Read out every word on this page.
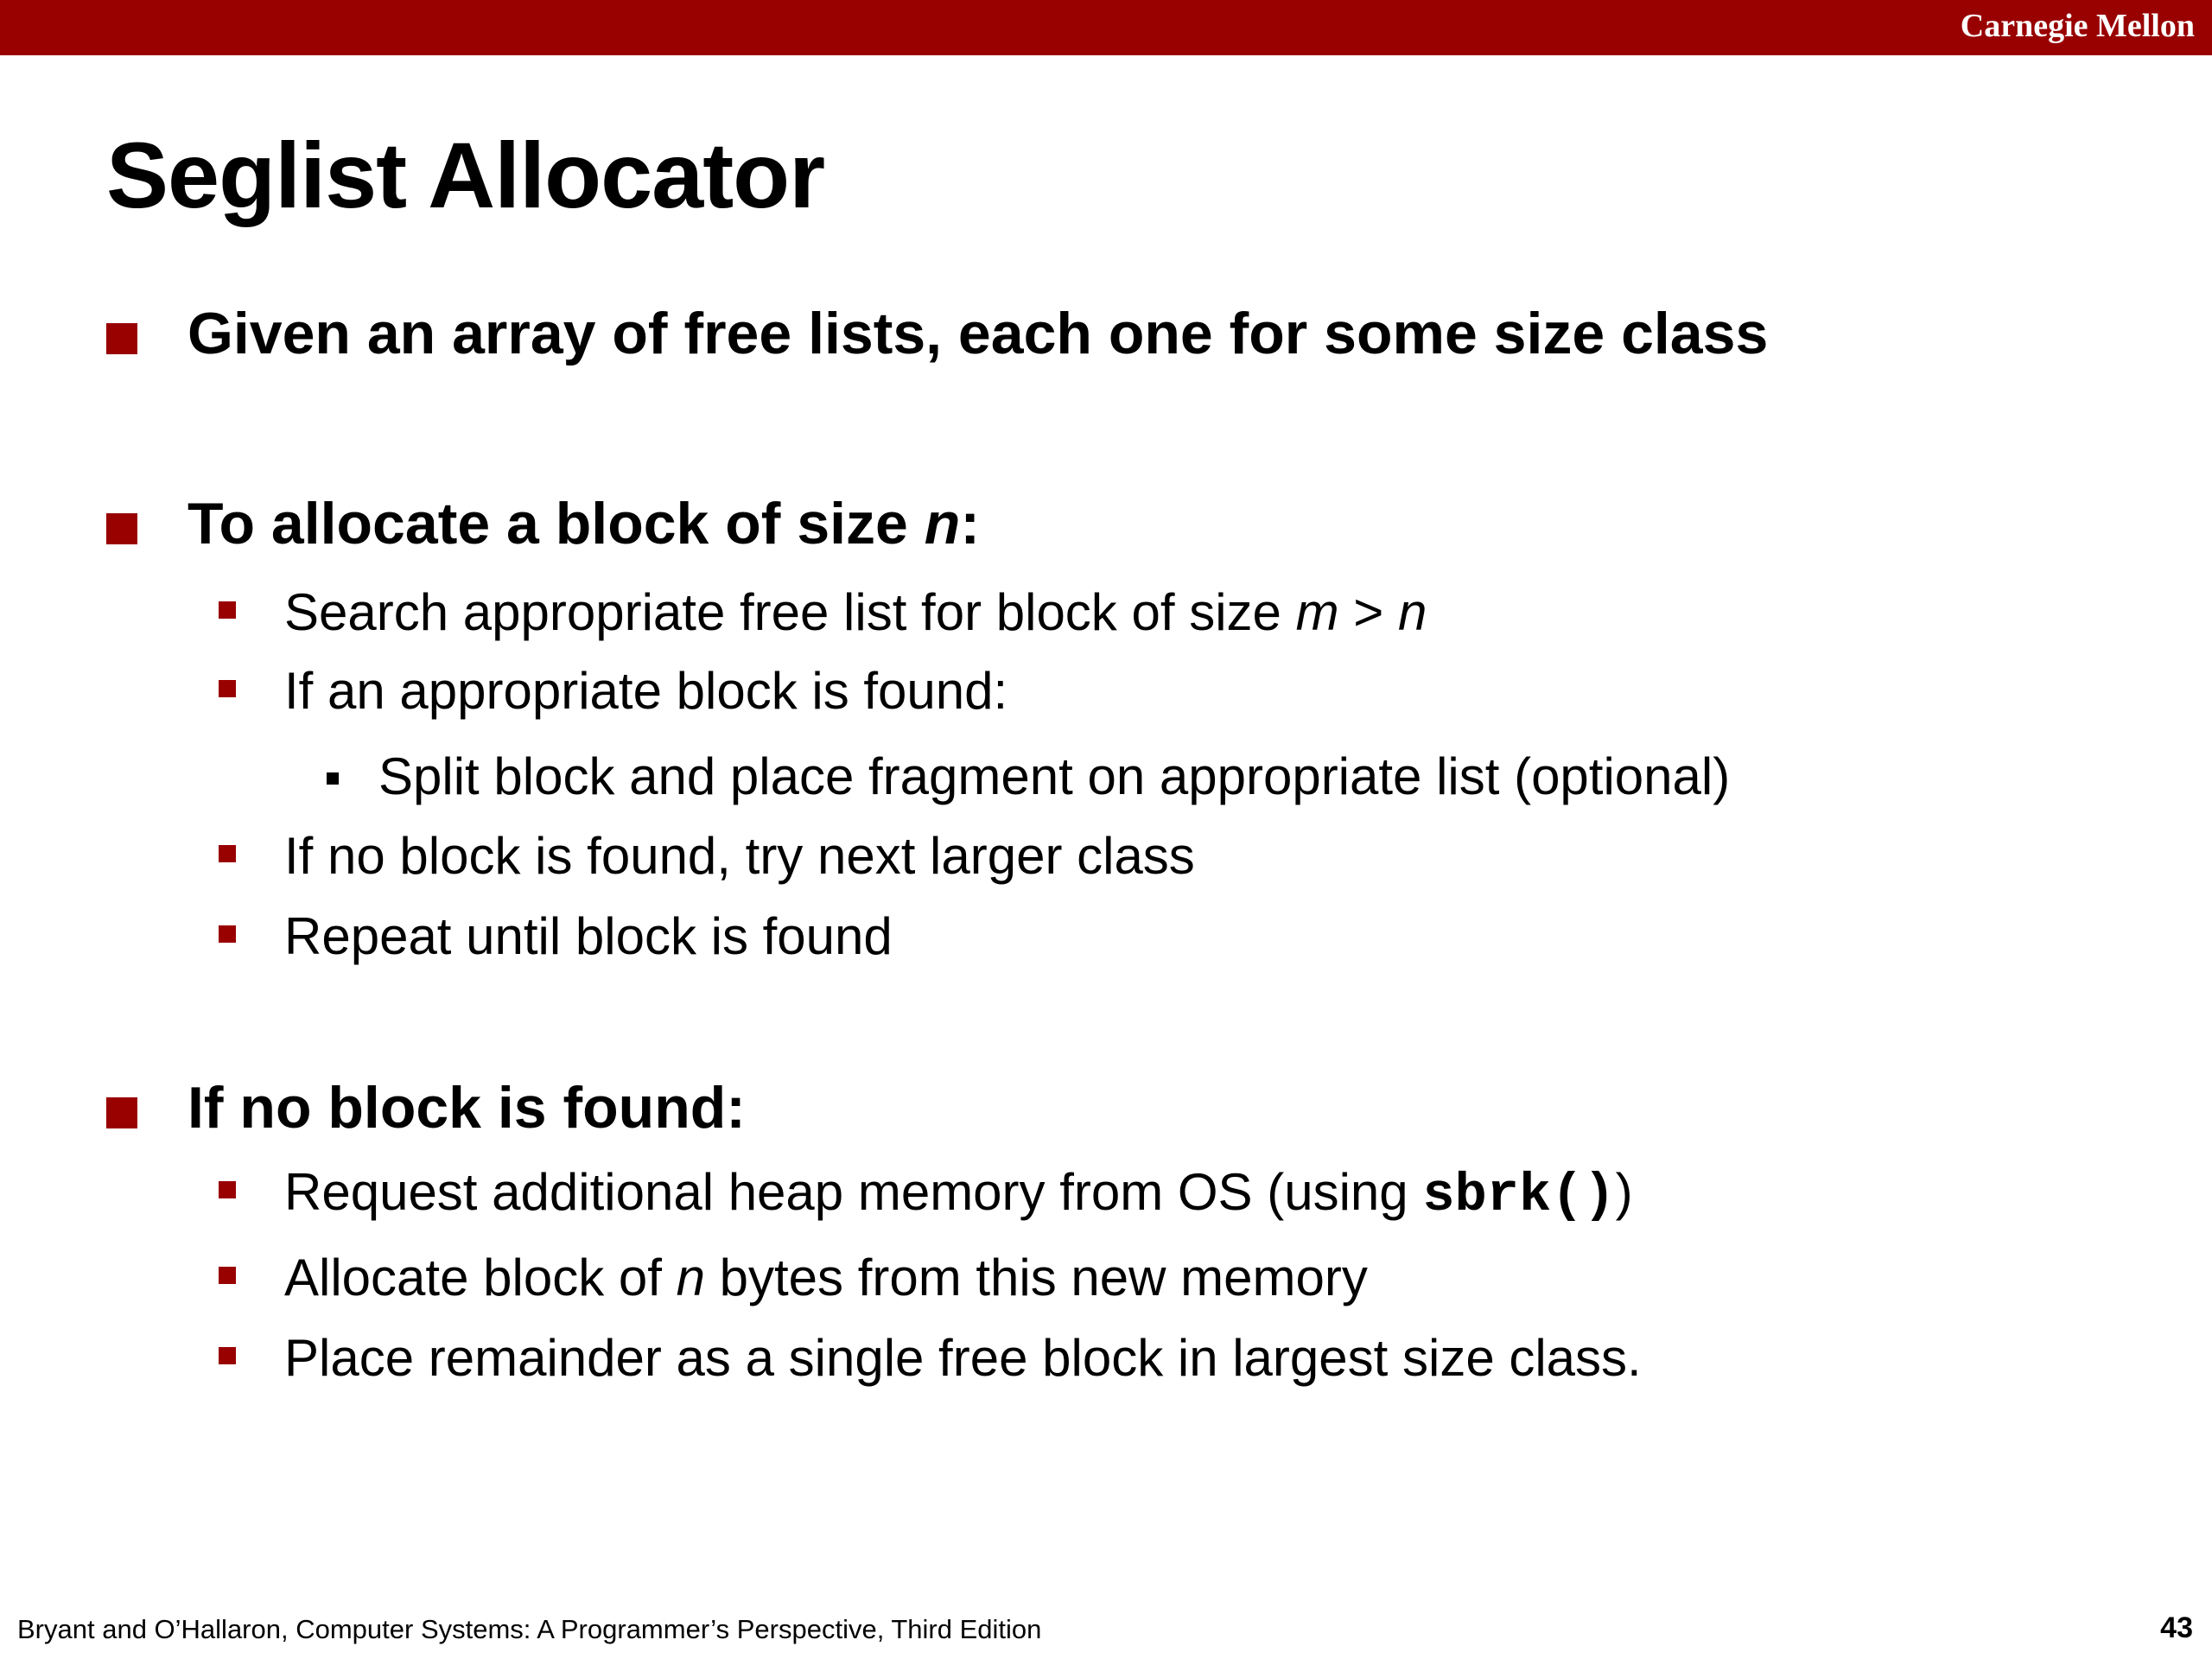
Carnegie Mellon
Seglist Allocator
Given an array of free lists, each one for some size class
To allocate a block of size n:
Search appropriate free list for block of size m > n
If an appropriate block is found:
Split block and place fragment on appropriate list (optional)
If no block is found, try next larger class
Repeat until block is found
If no block is found:
Request additional heap memory from OS (using sbrk())
Allocate block of n bytes from this new memory
Place remainder as a single free block in largest size class.
Bryant and O’Hallaron, Computer Systems: A Programmer’s Perspective, Third Edition	43
